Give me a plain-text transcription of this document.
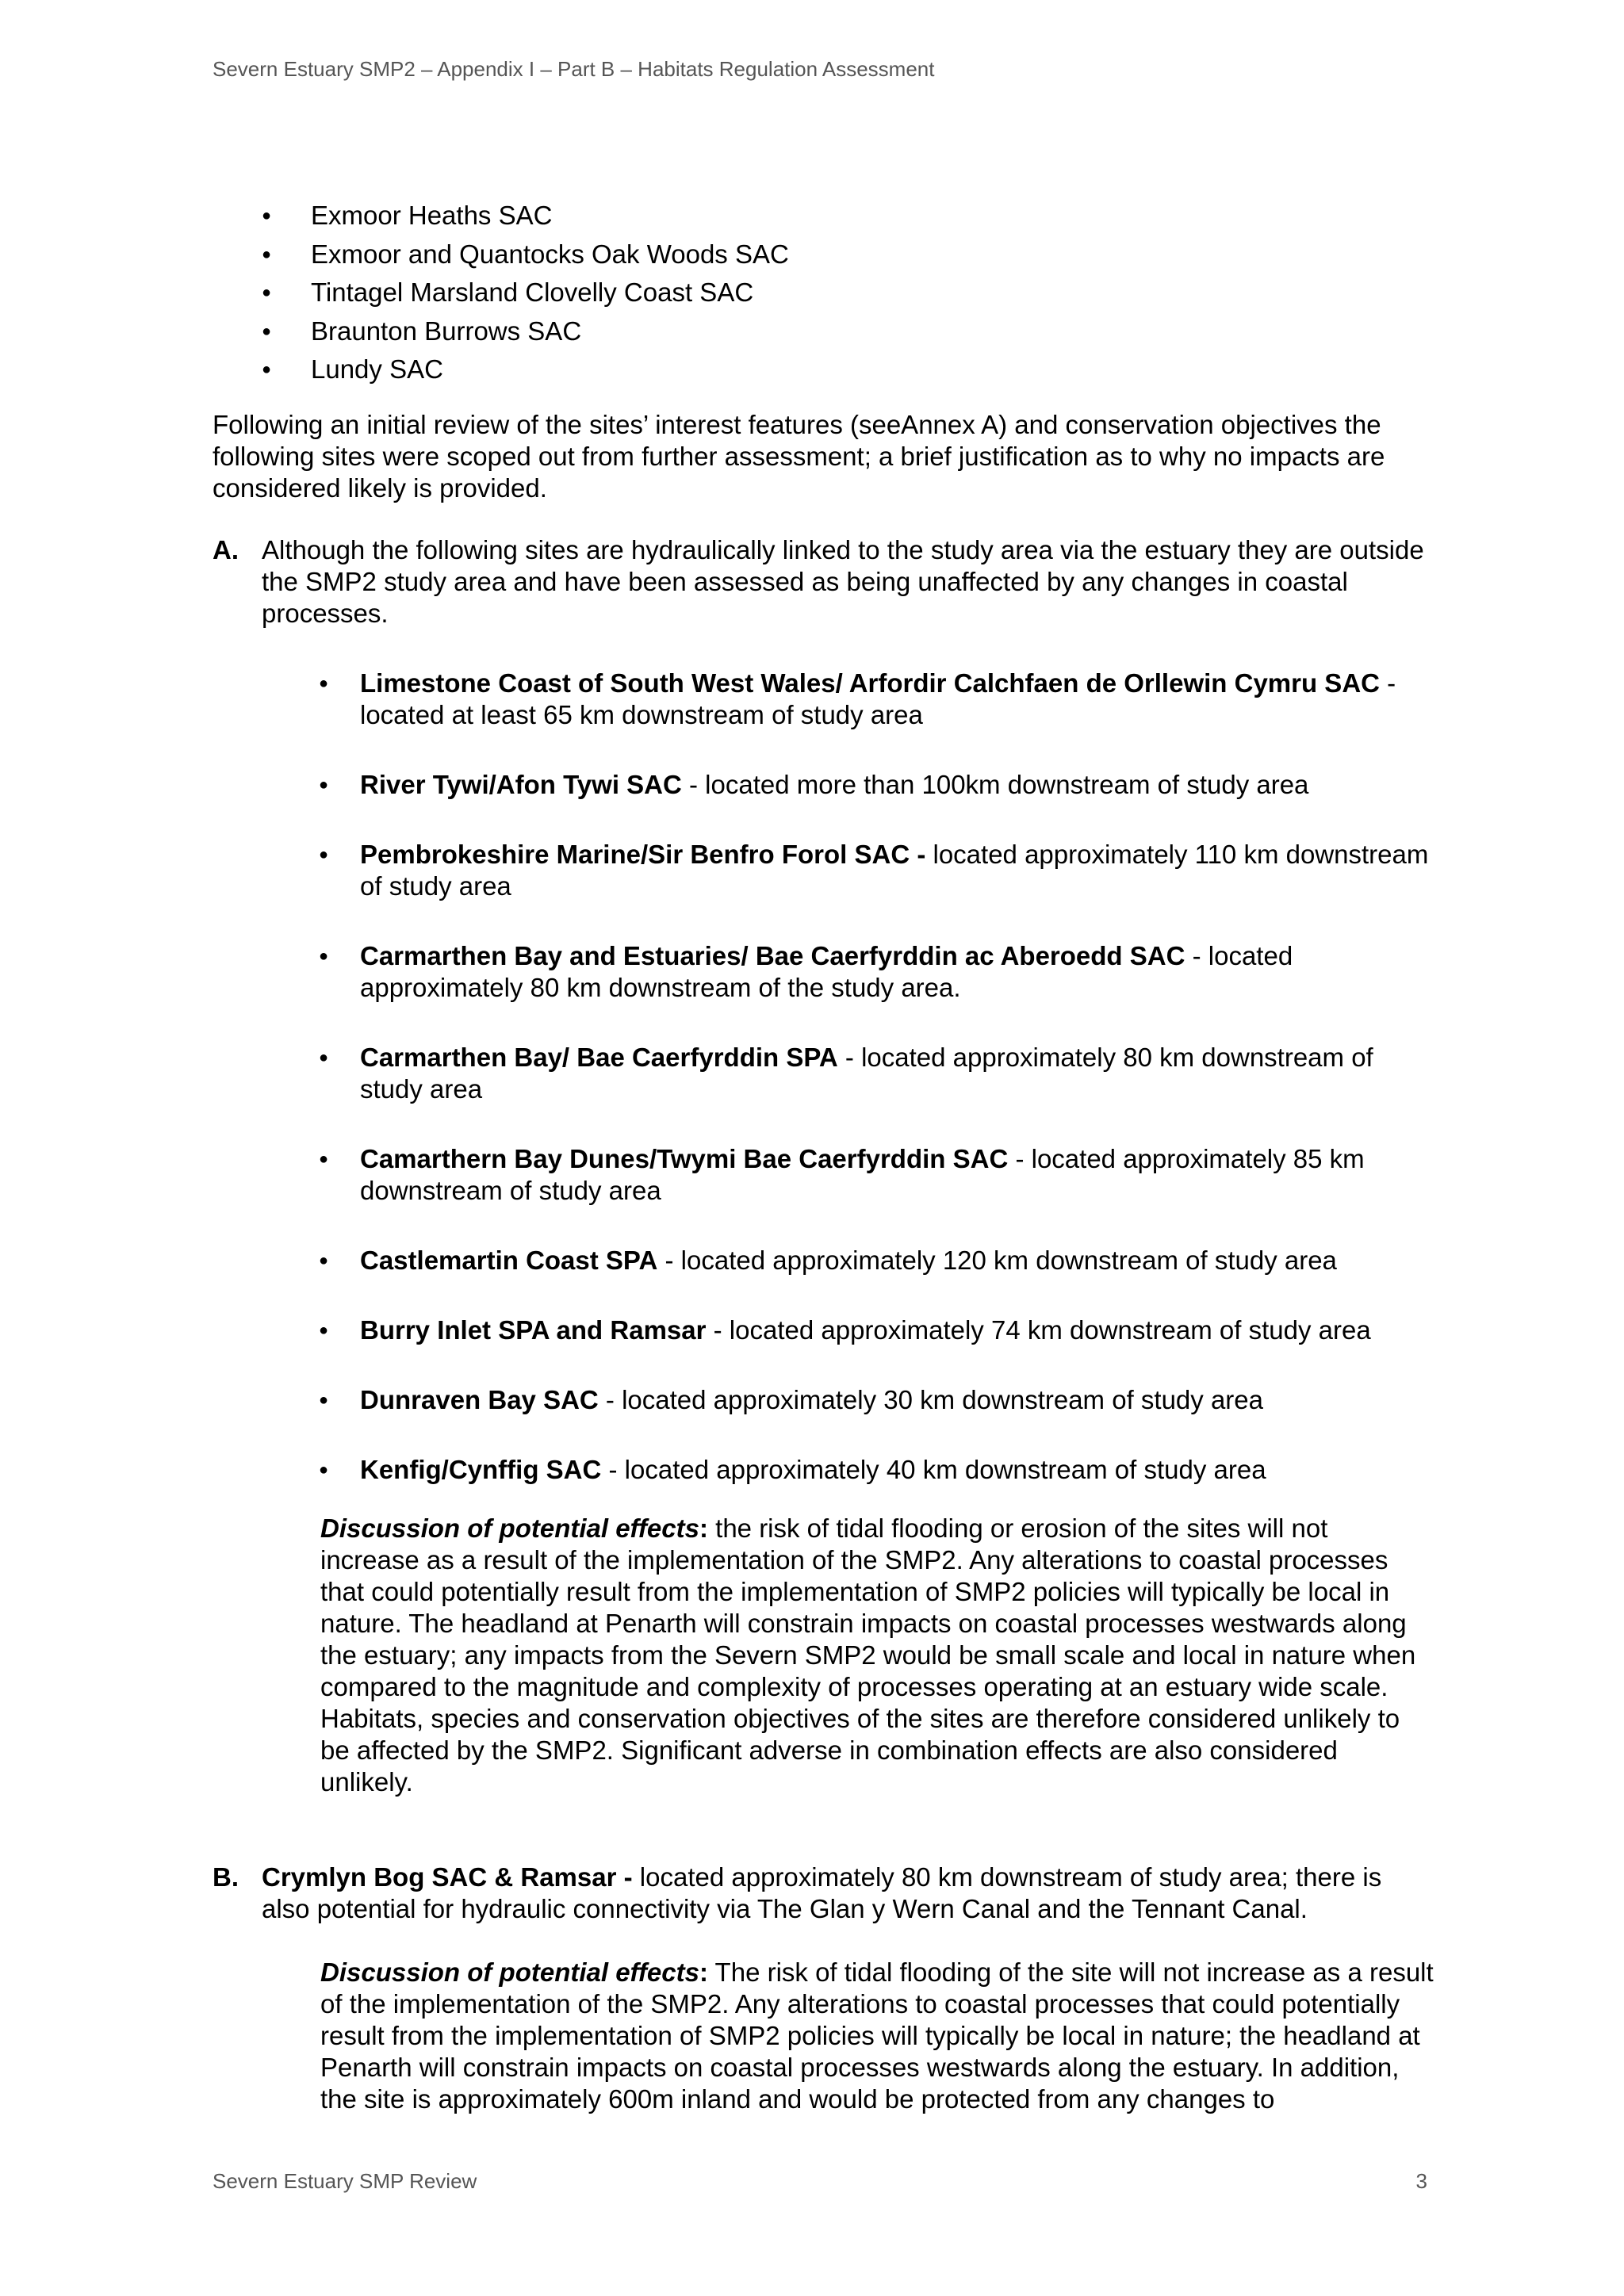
Severn Estuary SMP2 – Appendix I – Part B – Habitats Regulation Assessment
● Exmoor Heaths SAC
● Exmoor and Quantocks Oak Woods SAC
● Tintagel Marsland Clovelly Coast SAC
● Braunton Burrows SAC
● Lundy SAC

Following an initial review of the sites’ interest features (seeAnnex A) and conservation objectives the following sites were scoped out from further assessment; a brief justification as to why no impacts are considered likely is provided.

A. Although the following sites are hydraulically linked to the study area via the estuary they are outside the SMP2 study area and have been assessed as being unaffected by any changes in coastal processes.

● Limestone Coast of South West Wales/ Arfordir Calchfaen de Orllewin Cymru SAC - located at least 65 km downstream of study area
● River Tywi/Afon Tywi SAC - located more than 100km downstream of study area
● Pembrokeshire Marine/Sir Benfro Forol SAC - located approximately 110 km downstream of study area
● Carmarthen Bay and Estuaries/ Bae Caerfyrddin ac Aberoedd SAC - located approximately 80 km downstream of the study area.
● Carmarthen Bay/ Bae Caerfyrddin SPA - located approximately 80 km downstream of study area
● Camarthern Bay Dunes/Twymi Bae Caerfyrddin SAC - located approximately 85 km downstream of study area
● Castlemartin Coast SPA - located approximately 120 km downstream of study area
● Burry Inlet SPA and Ramsar - located approximately 74 km downstream of study area
● Dunraven Bay SAC - located approximately 30 km downstream of study area
● Kenfig/Cynffig SAC - located approximately 40 km downstream of study area

Discussion of potential effects: the risk of tidal flooding or erosion of the sites will not increase as a result of the implementation of the SMP2. Any alterations to coastal processes that could potentially result from the implementation of SMP2 policies will typically be local in nature. The headland at Penarth will constrain impacts on coastal processes westwards along the estuary; any impacts from the Severn SMP2 would be small scale and local in nature when compared to the magnitude and complexity of processes operating at an estuary wide scale. Habitats, species and conservation objectives of the sites are therefore considered unlikely to be affected by the SMP2. Significant adverse in combination effects are also considered unlikely.

B. Crymlyn Bog SAC & Ramsar - located approximately 80 km downstream of study area; there is also potential for hydraulic connectivity via The Glan y Wern Canal and the Tennant Canal.

Discussion of potential effects: The risk of tidal flooding of the site will not increase as a result of the implementation of the SMP2. Any alterations to coastal processes that could potentially result from the implementation of SMP2 policies will typically be local in nature; the headland at Penarth will constrain impacts on coastal processes westwards along the estuary. In addition, the site is approximately 600m inland and would be protected from any changes to

Severn Estuary SMP Review	3
